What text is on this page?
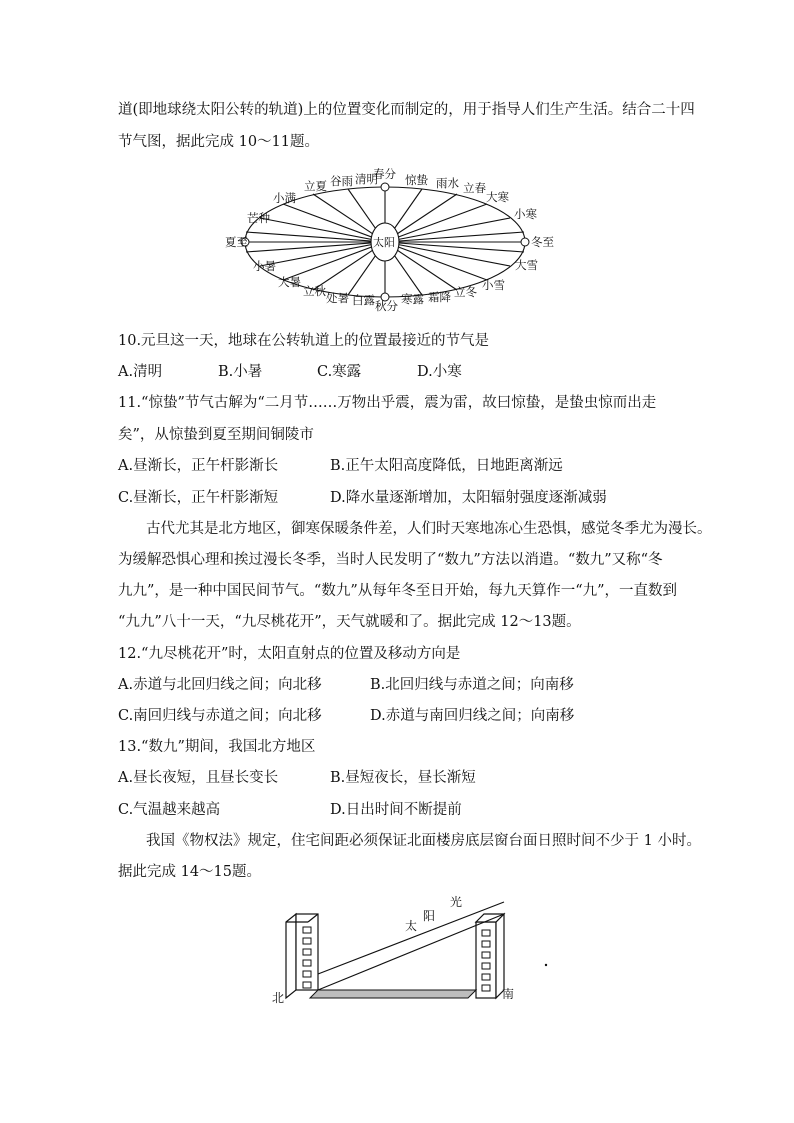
道(即地球绕太阳公转的轨道)上的位置变化而制定的，用于指导人们生产生活。结合二十四
节气图，据此完成 10～11题。
太阳
春分 惊蛰 雨水 立春
大寒
小寒
冬至
大雪
小雪
立冬
霜降
寒露
秋分
白露
处暑
立秋
大暑
小暑
夏至
芒种
小满
立夏 谷雨 清明
10.元旦这一天，地球在公转轨道上的位置最接近的节气是
A.清明	B.小暑	C.寒露	D.小寒
11.“惊蛰”节气古解为“二月节……万物出乎震，震为雷，故曰惊蛰，是蛰虫惊而出走
矣”，从惊蛰到夏至期间铜陵市
A.昼渐长，正午杆影渐长	B.正午太阳高度降低，日地距离渐远
C.昼渐长，正午杆影渐短	D.降水量逐渐增加，太阳辐射强度逐渐减弱
古代尤其是北方地区，御寒保暖条件差，人们时天寒地冻心生恐惧，感觉冬季尤为漫长。
为缓解恐惧心理和挨过漫长冬季，当时人民发明了“数九”方法以消遣。“数九”又称“冬
九九”，是一种中国民间节气。“数九”从每年冬至日开始，每九天算作一“九”，一直数到
“九九”八十一天，“九尽桃花开”，天气就暖和了。据此完成 12～13题。
12.“九尽桃花开”时，太阳直射点的位置及移动方向是
A.赤道与北回归线之间；向北移	B.北回归线与赤道之间；向南移
C.南回归线与赤道之间；向北移	D.赤道与南回归线之间；向南移
13.“数九”期间，我国北方地区
A.昼长夜短，且昼长变长	B.昼短夜长，昼长渐短
C.气温越来越高	D.日出时间不断提前
我国《物权法》规定，住宅间距必须保证北面楼房底层窗台面日照时间不少于 1 小时。
据此完成 14～15题。
太
阳
光
北	南
